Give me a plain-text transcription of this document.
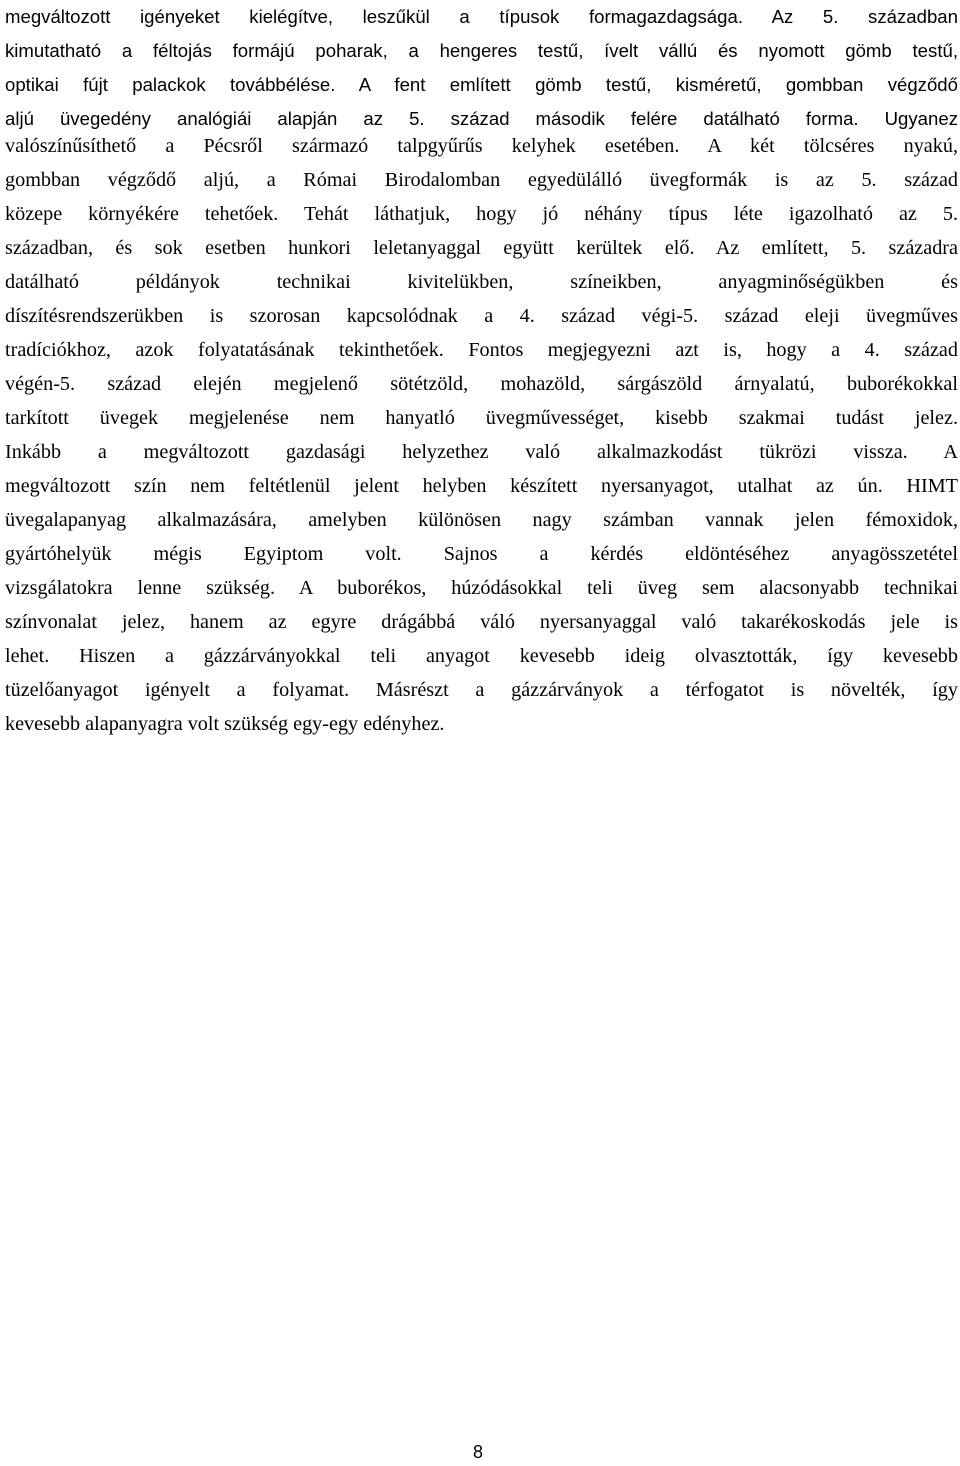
megváltozott igényeket kielégítve, leszűkül a típusok formagazdagsága. Az 5. században
kimutatható a féltojás formájú poharak, a hengeres testű, ívelt vállú és nyomott gömb testű,
optikai fújt palackok továbbélése. A fent említett gömb testű, kisméretű, gombban végződő
aljú üvegedény analógiái alapján az 5. század második felére datálható forma. Ugyanez
valószínűsíthető a Pécsről származó talpgyűrűs kelyhek esetében. A két tölcséres nyakú,
gombban végződő aljú, a Római Birodalomban egyedülálló üvegformák is az 5. század
közepe környékére tehetőek. Tehát láthatjuk, hogy jó néhány típus léte igazolható az 5.
században, és sok esetben hunkori leletanyaggal együtt kerültek elő. Az említett, 5. századra
datálható példányok technikai kivitelükben, színeikben, anyagminőségükben és
díszítésrendszerükben is szorosan kapcsolódnak a 4. század végi-5. század eleji üvegműves
tradíciókhoz, azok folyatatásának tekinthetőek. Fontos megjegyezni azt is, hogy a 4. század
végén-5. század elején megjelenő sötétzöld, mohazöld, sárgászöld árnyalatú, buborékokkal
tarkított üvegek megjelenése nem hanyatló üvegművességet, kisebb szakmai tudást jelez.
Inkább a megváltozott gazdasági helyzethez való alkalmazkodást tükrözi vissza. A
megváltozott szín nem feltétlenül jelent helyben készített nyersanyagot, utalhat az ún. HIMT
üvegalapanyag alkalmazására, amelyben különösen nagy számban vannak jelen fémoxidok,
gyártóhelyük mégis Egyiptom volt. Sajnos a kérdés eldöntéséhez anyagösszetétel
vizsgálatokra lenne szükség. A buborékos, húzódásokkal teli üveg sem alacsonyabb technikai
színvonalat jelez, hanem az egyre drágábbá váló nyersanyaggal való takarékoskodás jele is
lehet. Hiszen a gázzárványokkal teli anyagot kevesebb ideig olvasztották, így kevesebb
tüzelőanyagot igényelt a folyamat. Másrészt a gázzárványok a térfogatot is növelték, így
kevesebb alapanyagra volt szükség egy-egy edényhez.
8
